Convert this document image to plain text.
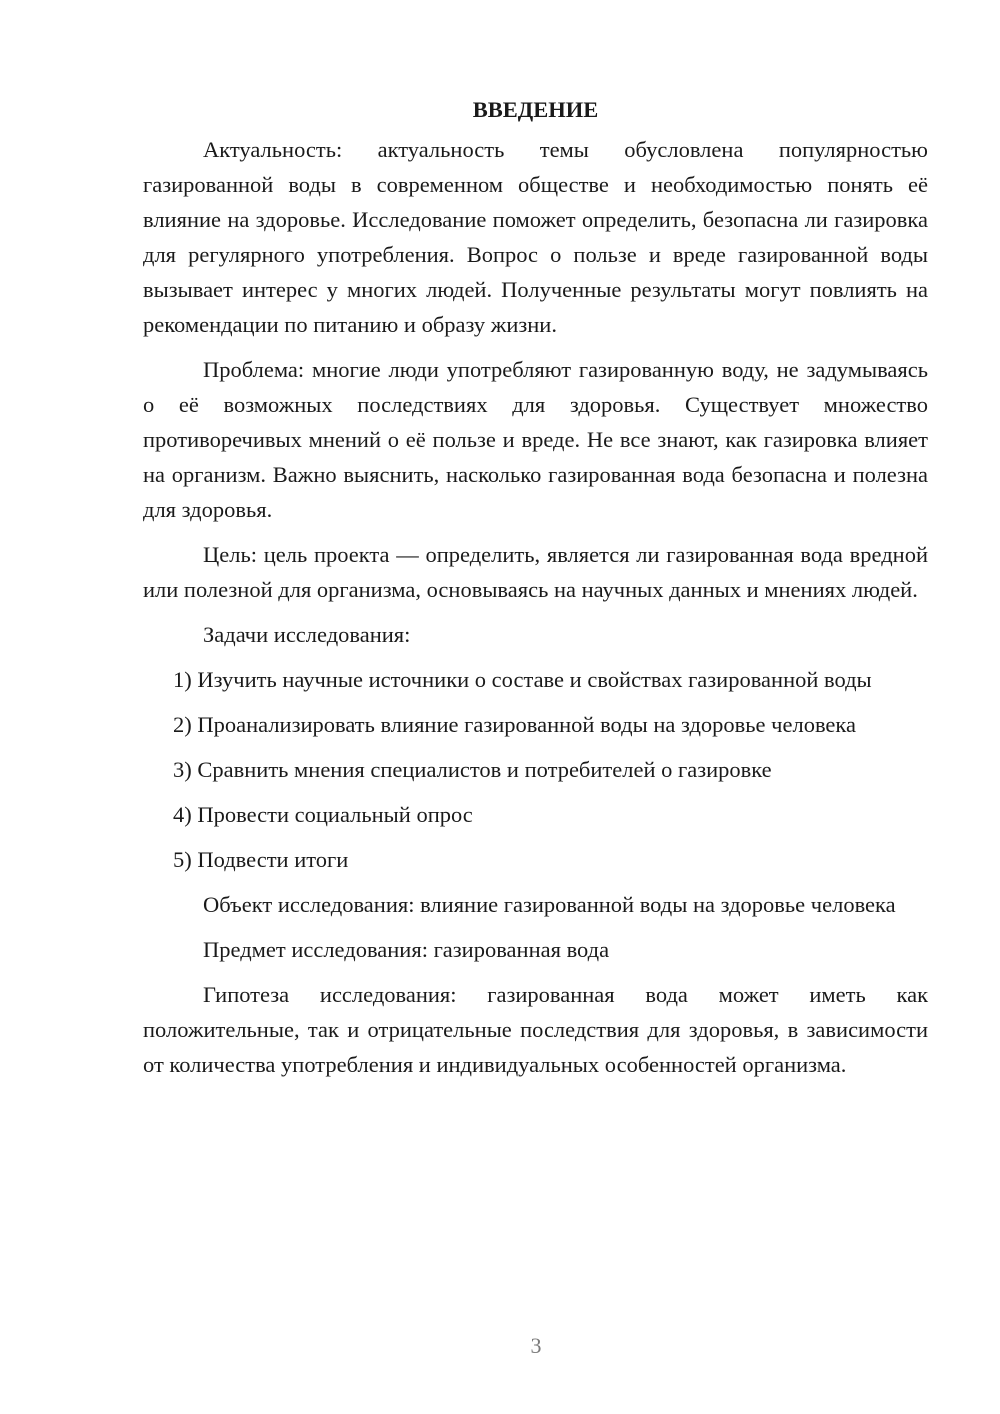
ВВЕДЕНИЕ

Актуальность: актуальность темы обусловлена популярностью газированной воды в современном обществе и необходимостью понять её влияние на здоровье. Исследование поможет определить, безопасна ли газировка для регулярного употребления. Вопрос о пользе и вреде газированной воды вызывает интерес у многих людей. Полученные результаты могут повлиять на рекомендации по питанию и образу жизни.

Проблема: многие люди употребляют газированную воду, не задумываясь о её возможных последствиях для здоровья. Существует множество противоречивых мнений о её пользе и вреде. Не все знают, как газировка влияет на организм. Важно выяснить, насколько газированная вода безопасна и полезна для здоровья.

Цель: цель проекта — определить, является ли газированная вода вредной или полезной для организма, основываясь на научных данных и мнениях людей.

Задачи исследования:

1) Изучить научные источники о составе и свойствах газированной воды

2) Проанализировать влияние газированной воды на здоровье человека

3) Сравнить мнения специалистов и потребителей о газировке

4) Провести социальный опрос

5) Подвести итоги

Объект исследования: влияние газированной воды на здоровье человека

Предмет исследования: газированная вода

Гипотеза исследования: газированная вода может иметь как положительные, так и отрицательные последствия для здоровья, в зависимости от количества употребления и индивидуальных особенностей организма.

3
